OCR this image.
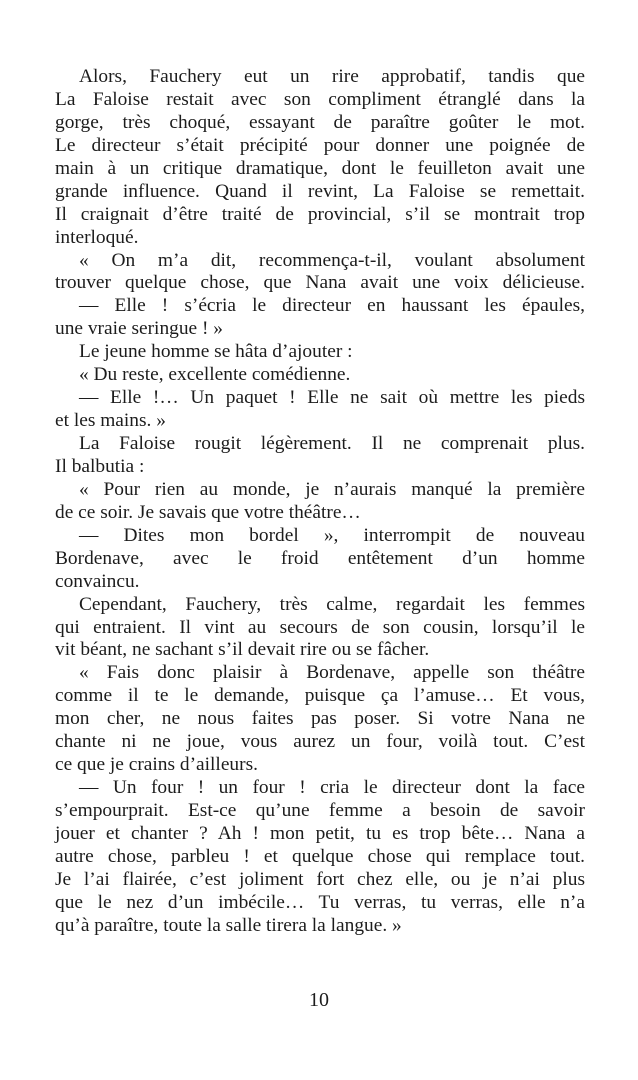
Alors, Fauchery eut un rire approbatif, tandis que
La Faloise restait avec son compliment étranglé dans la
gorge, très choqué, essayant de paraître goûter le mot.
Le directeur s’était précipité pour donner une poignée de
main à un critique dramatique, dont le feuilleton avait une
grande influence. Quand il revint, La Faloise se remettait.
Il craignait d’être traité de provincial, s’il se montrait trop
interloqué.
« On m’a dit, recommença-t-il, voulant absolument
trouver quelque chose, que Nana avait une voix délicieuse.
— Elle ! s’écria le directeur en haussant les épaules,
une vraie seringue ! »
Le jeune homme se hâta d’ajouter :
« Du reste, excellente comédienne.
— Elle !… Un paquet ! Elle ne sait où mettre les pieds
et les mains. »
La Faloise rougit légèrement. Il ne comprenait plus.
Il balbutia :
« Pour rien au monde, je n’aurais manqué la première
de ce soir. Je savais que votre théâtre…
— Dites mon bordel », interrompit de nouveau
Bordenave, avec le froid entêtement d’un homme
convaincu.
Cependant, Fauchery, très calme, regardait les femmes
qui entraient. Il vint au secours de son cousin, lorsqu’il le
vit béant, ne sachant s’il devait rire ou se fâcher.
« Fais donc plaisir à Bordenave, appelle son théâtre
comme il te le demande, puisque ça l’amuse… Et vous,
mon cher, ne nous faites pas poser. Si votre Nana ne
chante ni ne joue, vous aurez un four, voilà tout. C’est
ce que je crains d’ailleurs.
— Un four ! un four ! cria le directeur dont la face
s’empourprait. Est-ce qu’une femme a besoin de savoir
jouer et chanter ? Ah ! mon petit, tu es trop bête… Nana a
autre chose, parbleu ! et quelque chose qui remplace tout.
Je l’ai flairée, c’est joliment fort chez elle, ou je n’ai plus
que le nez d’un imbécile… Tu verras, tu verras, elle n’a
qu’à paraître, toute la salle tirera la langue. »
10
